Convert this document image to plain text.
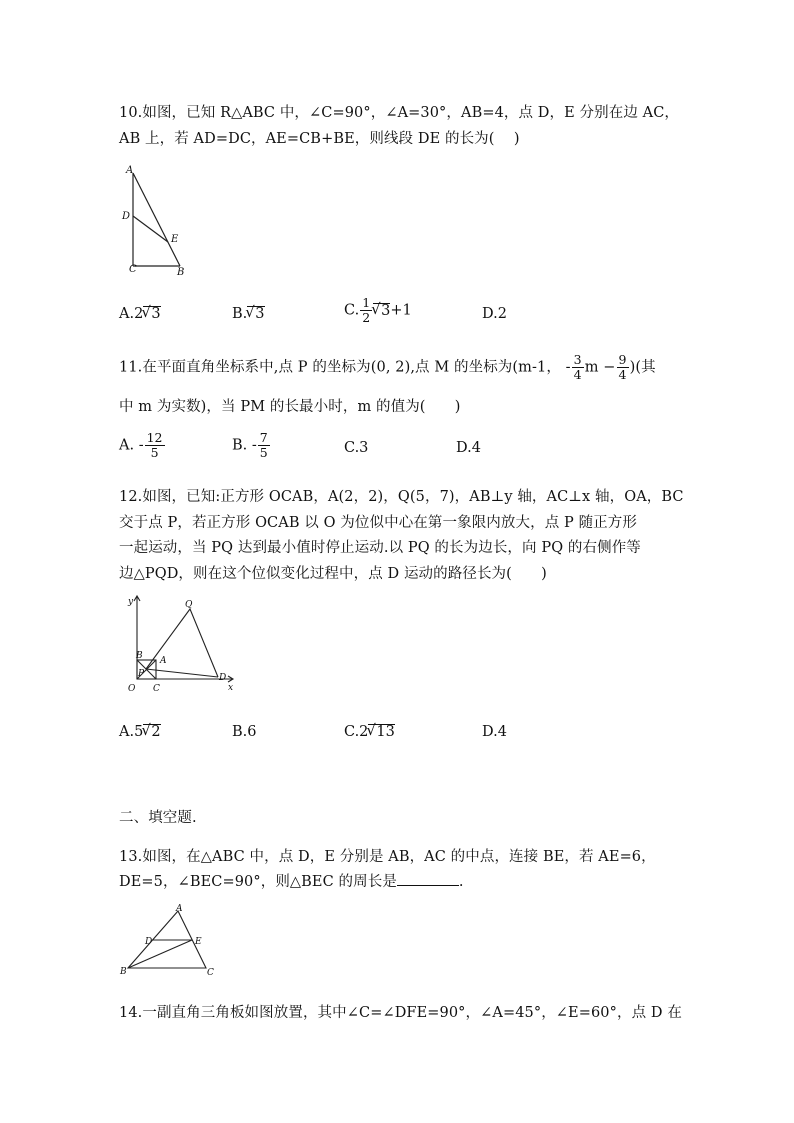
10.如图，已知 R△ABC 中，∠C=90°，∠A=30°，AB=4，点 D，E 分别在边 AC，
AB 上，若 AD=DC，AE=CB+BE，则线段 DE 的长为(　 )
A
D
E
C	B
A.2 √ 3	B. √ 3	C. $\frac{1}{2}$ √ 3+1	D.2
11.在平面直角坐标系中,点 P 的坐标为(0, 2),点 M 的坐标为(m-1， - $\frac{3}{4}$ $m - \frac{9}{4}$ )(其
中 m 为实数)，当 PM 的长最小时，m 的值为(　　)
A. - $\frac{12}{5}$	B. - $\frac{7}{5}$	C.3	D.4
12.如图，已知:正方形 OCAB，A(2，2)，Q(5，7)，AB⊥y 轴，AC⊥x 轴，OA，BC
交于点 P，若正方形 OCAB 以 O 为位似中心在第一象限内放大，点 P 随正方形
一起运动，当 PQ 达到最小值时停止运动.以 PQ 的长为边长，向 PQ 的右侧作等
边△PQD，则在这个位似变化过程中，点 D 运动的路径长为(　　)
y
x
O
B
P
A
C
Q
D
A.5 √ 2	B.6	C.2 √ 13	D.4
二、填空题.
13.如图，在△ABC 中，点 D，E 分别是 AB，AC 的中点，连接 BE，若 AE=6，
DE=5，∠BEC=90°，则△BEC 的周长是	.
A
D	E
B	C
14.一副直角三角板如图放置，其中∠C=∠DFE=90°，∠A=45°，∠E=60°，点 D 在
